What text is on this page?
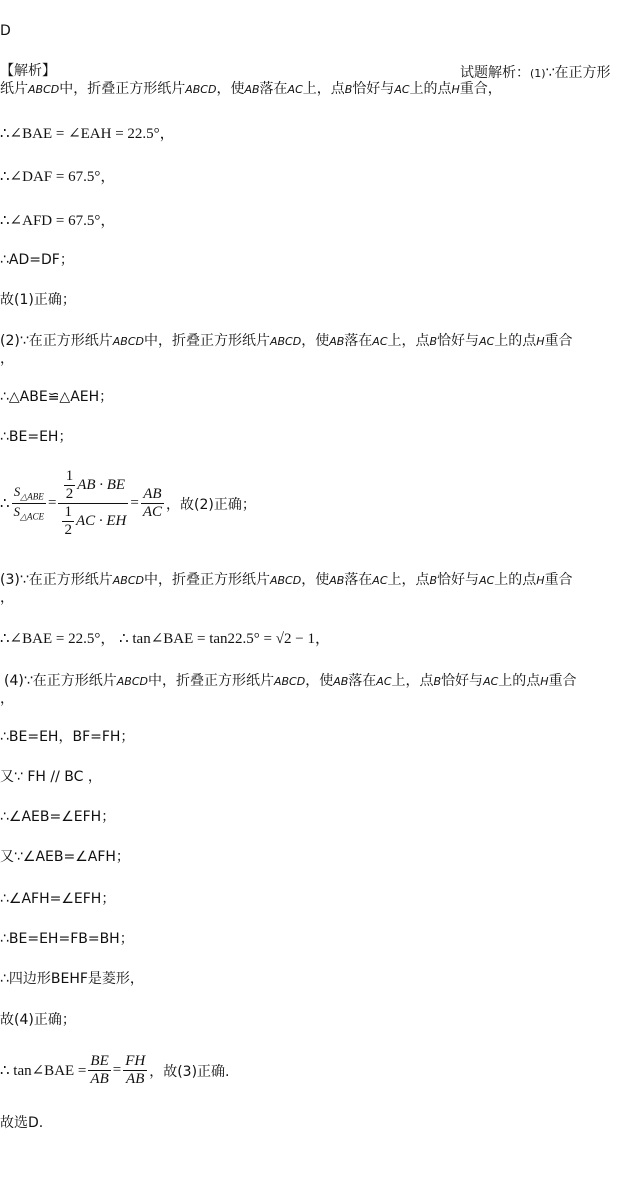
D
【解析】	试题解析：(1)∵在正方形
纸片ABCD中，折叠正方形纸片ABCD，使AB落在AC上，点B恰好与AC上的点H重合，
∴∠BAE = ∠EAH = 22.5°，
∴∠DAF = 67.5°，
∴∠AFD = 67.5°，
∴AD=DF；
故(1)正确；
(2)∵在正方形纸片ABCD中，折叠正方形纸片ABCD，使AB落在AC上，点B恰好与AC上的点H重合
，
∴△ABE≌△AEH；
∴BE=EH；
∴ $\frac{S_{\triangle ABE}}{S_{\triangle ACE}} = \frac{\frac{1}{2} AB \cdot BE}{\frac{1}{2} AC \cdot EH} = \frac{AB}{AC}$ ，故(2)正确；
(3)∵在正方形纸片ABCD中，折叠正方形纸片ABCD，使AB落在AC上，点B恰好与AC上的点H重合
，
∴∠BAE = 22.5°， ∴ tan∠BAE = tan22.5° = √2 − 1，
(4)∵在正方形纸片ABCD中，折叠正方形纸片ABCD，使AB落在AC上，点B恰好与AC上的点H重合
，
∴BE=EH，BF=FH；
又∵ FH // BC ，
∴∠AEB=∠EFH；
又∵∠AEB=∠AFH；
∴∠AFH=∠EFH；
∴BE=EH=FB=BH；
∴四边形BEHF是菱形，
故(4)正确；
∴ tan∠BAE = $\frac{BE}{AB} = \frac{FH}{AB}$ ，故(3)正确.
故选D.
